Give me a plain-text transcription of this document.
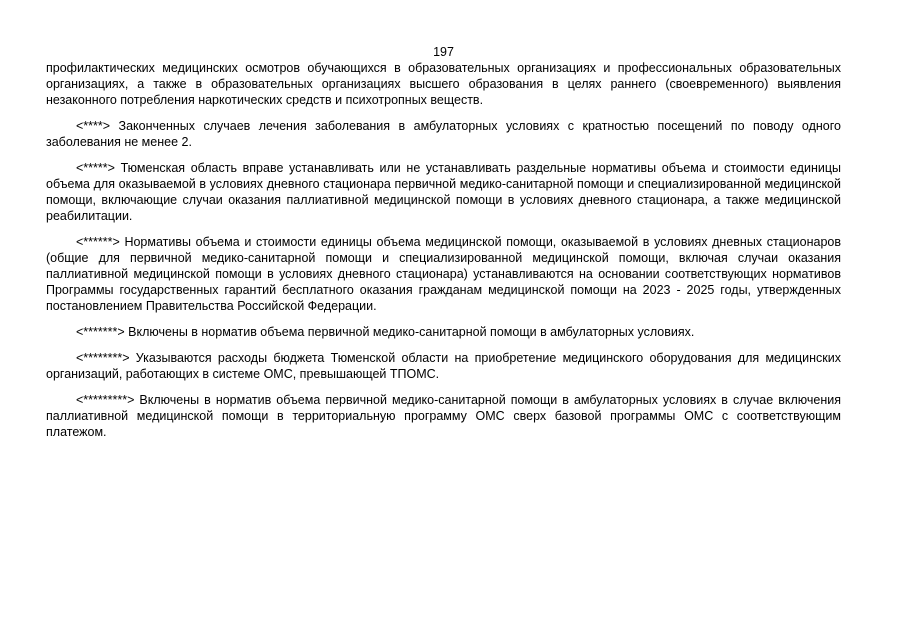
197

профилактических медицинских осмотров обучающихся в образовательных организациях и профессиональных образовательных организациях, а также в образовательных организациях высшего образования в целях раннего (своевременного) выявления незаконного потребления наркотических средств и психотропных веществ.

<****> Законченных случаев лечения заболевания в амбулаторных условиях с кратностью посещений по поводу одного заболевания не менее 2.

<*****> Тюменская область вправе устанавливать или не устанавливать раздельные нормативы объема и стоимости единицы объема для оказываемой в условиях дневного стационара первичной медико-санитарной помощи и специализированной медицинской помощи, включающие случаи оказания паллиативной медицинской помощи в условиях дневного стационара, а также медицинской реабилитации.

<******> Нормативы объема и стоимости единицы объема медицинской помощи, оказываемой в условиях дневных стационаров (общие для первичной медико-санитарной помощи и специализированной медицинской помощи, включая случаи оказания паллиативной медицинской помощи в условиях дневного стационара) устанавливаются на основании соответствующих нормативов Программы государственных гарантий бесплатного оказания гражданам медицинской помощи на 2023 - 2025 годы, утвержденных постановлением Правительства Российской Федерации.

<*******> Включены в норматив объема первичной медико-санитарной помощи в амбулаторных условиях.

<********> Указываются расходы бюджета Тюменской области на приобретение медицинского оборудования для медицинских организаций, работающих в системе ОМС, превышающей ТПОМС.

<*********> Включены в норматив объема первичной медико-санитарной помощи в амбулаторных условиях в случае включения паллиативной медицинской помощи в территориальную программу ОМС сверх базовой программы ОМС с соответствующим платежом.
